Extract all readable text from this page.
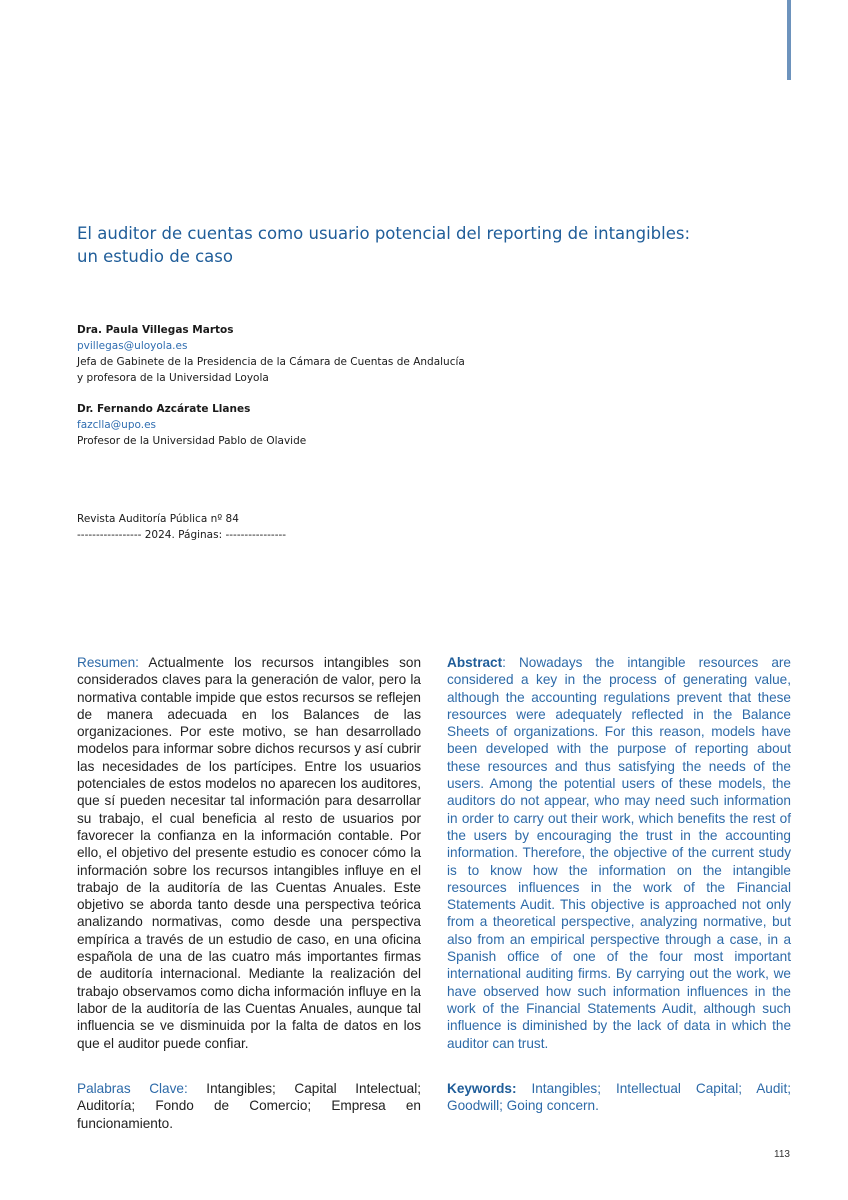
El auditor de cuentas como usuario potencial del reporting de intangibles:
un estudio de caso
Dra. Paula Villegas Martos
pvillegas@uloyola.es
Jefa de Gabinete de la Presidencia de la Cámara de Cuentas de Andalucía
y profesora de la Universidad Loyola
Dr. Fernando Azcárate Llanes
fazclla@upo.es
Profesor de la Universidad Pablo de Olavide
Revista Auditoría Pública nº 84
----------------- 2024. Páginas: ----------------
Resumen: Actualmente los recursos intangibles son considerados claves para la generación de valor, pero la normativa contable impide que estos recursos se reflejen de manera adecuada en los Balances de las organizaciones. Por este motivo, se han desarrollado modelos para informar sobre dichos recursos y así cubrir las necesidades de los partícipes. Entre los usuarios potenciales de estos modelos no aparecen los auditores, que sí pueden necesitar tal información para desarrollar su trabajo, el cual beneficia al resto de usuarios por favorecer la confianza en la información contable. Por ello, el objetivo del presente estudio es conocer cómo la información sobre los recursos intangibles influye en el trabajo de la auditoría de las Cuentas Anuales. Este objetivo se aborda tanto desde una perspectiva teórica analizando normativas, como desde una perspectiva empírica a través de un estudio de caso, en una oficina española de una de las cuatro más importantes firmas de auditoría internacional. Mediante la realización del trabajo observamos como dicha información influye en la labor de la auditoría de las Cuentas Anuales, aunque tal influencia se ve disminuida por la falta de datos en los que el auditor puede confiar.
Abstract: Nowadays the intangible resources are considered a key in the process of generating value, although the accounting regulations prevent that these resources were adequately reflected in the Balance Sheets of organizations. For this reason, models have been developed with the purpose of reporting about these resources and thus satisfying the needs of the users. Among the potential users of these models, the auditors do not appear, who may need such information in order to carry out their work, which benefits the rest of the users by encouraging the trust in the accounting information. Therefore, the objective of the current study is to know how the information on the intangible resources influences in the work of the Financial Statements Audit. This objective is approached not only from a theoretical perspective, analyzing normative, but also from an empirical perspective through a case, in a Spanish office of one of the four most important international auditing firms. By carrying out the work, we have observed how such information influences in the work of the Financial Statements Audit, although such influence is diminished by the lack of data in which the auditor can trust.
Palabras Clave: Intangibles; Capital Intelectual; Auditoría; Fondo de Comercio; Empresa en funcionamiento.
Keywords: Intangibles; Intellectual Capital; Audit; Goodwill; Going concern.
113
